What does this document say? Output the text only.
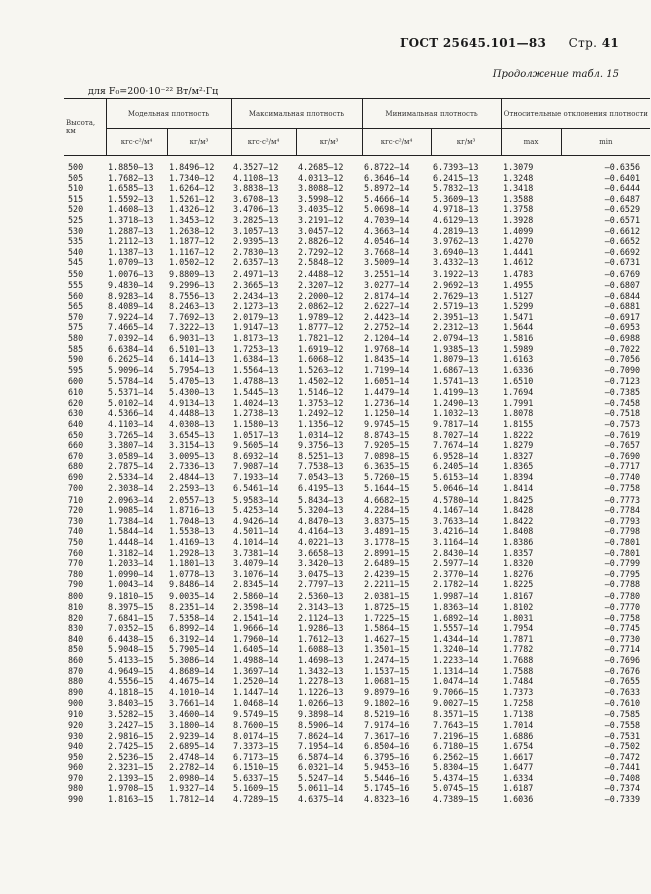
ГОСТ 25645.101—83 Стр. 41
Продолжение табл. 15
для F₀=200·10⁻²² Вт/м²·Гц
Высота, км	Модельная плотность		Максимальная плотность		Минимальная плотность		Относительные отклонения плотности	
	кгс·с²/м⁴	кг/м³	кгс·с²/м⁴	кг/м³	кгс·с²/м⁴	кг/м³	max	min

500	1.8850—13	1.8496—12	4.3527—12	4.2685—12	6.8722—14	6.7393—13	1.3079	—0.6356
505	1.7682—13	1.7340—12	4.1108—13	4.0313—12	6.3646—14	6.2415—13	1.3248	—0.6401
510	1.6585—13	1.6264—12	3.8838—13	3.8088—12	5.8972—14	5.7832—13	1.3418	—0.6444
515	1.5592—13	1.5261—12	3.6708—13	3.5998—12	5.4666—14	5.3609—13	1.3588	—0.6487
520	1.4608—13	1.4326—12	3.4706—13	3.4035—12	5.0698—14	4.9718—13	1.3758	—0.6529
525	1.3718—13	1.3453—12	3.2825—13	3.2191—12	4.7039—14	4.6129—13	1.3928	—0.6571
530	1.2887—13	1.2638—12	3.1057—13	3.0457—12	4.3663—14	4.2819—13	1.4099	—0.6612
535	1.2112—13	1.1877—12	2.9395—13	2.8826—12	4.0546—14	3.9762—13	1.4270	—0.6652
540	1.1387—13	1.1167—12	2.7830—13	2.7292—12	3.7668—14	3.6940—13	1.4441	—0.6692
545	1.0709—13	1.0502—12	2.6357—13	2.5848—12	3.5009—14	3.4332—13	1.4612	—0.6731
550	1.0076—13	9.8809—13	2.4971—13	2.4488—12	3.2551—14	3.1922—13	1.4783	—0.6769
555	9.4830—14	9.2996—13	2.3665—13	2.3207—12	3.0277—14	2.9692—13	1.4955	—0.6807
560	8.9283—14	8.7556—13	2.2434—13	2.2000—12	2.8174—14	2.7629—13	1.5127	—0.6844
565	8.4089—14	8.2463—13	2.1273—13	2.0862—12	2.6227—14	2.5719—13	1.5299	—0.6881
570	7.9224—14	7.7692—13	2.0179—13	1.9789—12	2.4423—14	2.3951—13	1.5471	—0.6917
575	7.4665—14	7.3222—13	1.9147—13	1.8777—12	2.2752—14	2.2312—13	1.5644	—0.6953
580	7.0392—14	6.9031—13	1.8173—13	1.7821—12	2.1204—14	2.0794—13	1.5816	—0.6988
585	6.6384—14	6.5101—13	1.7253—13	1.6919—12	1.9768—14	1.9385—13	1.5989	—0.7022
590	6.2625—14	6.1414—13	1.6384—13	1.6068—12	1.8435—14	1.8079—13	1.6163	—0.7056
595	5.9096—14	5.7954—13	1.5564—13	1.5263—12	1.7199—14	1.6867—13	1.6336	—0.7090
600	5.5784—14	5.4705—13	1.4788—13	1.4502—12	1.6051—14	1.5741—13	1.6510	—0.7123
610	5.5371—14	5.4300—13	1.5445—13	1.5146—12	1.4479—14	1.4199—13	1.7694	—0.7385
620	5.0102—14	4.9134—13	1.4024—13	1.3753—12	1.2736—14	1.2490—13	1.7991	—0.7458
630	4.5366—14	4.4488—13	1.2738—13	1.2492—12	1.1250—14	1.1032—13	1.8078	—0.7518
640	4.1103—14	4.0308—13	1.1580—13	1.1356—12	9.9745—15	9.7817—14	1.8155	—0.7573
650	3.7265—14	3.6545—13	1.0517—13	1.0314—12	8.8743—15	8.7027—14	1.8222	—0.7619
660	3.3807—14	3.3154—13	9.5605—14	9.3756—13	7.9205—15	7.7674—14	1.8279	—0.7657
670	3.0589—14	3.0095—13	8.6932—14	8.5251—13	7.0898—15	6.9528—14	1.8327	—0.7690
680	2.7875—14	2.7336—13	7.9087—14	7.7538—13	6.3635—15	6.2405—14	1.8365	—0.7717
690	2.5334—14	2.4844—13	7.1933—14	7.0543—13	5.7260—15	5.6153—14	1.8394	—0.7740
700	2.3038—14	2.2593—13	6.5461—14	6.4195—13	5.1644—15	5.0646—14	1.8414	—0.7758
710	2.0963—14	2.0557—13	5.9583—14	5.8434—13	4.6682—15	4.5780—14	1.8425	—0.7773
720	1.9085—14	1.8716—13	5.4253—14	5.3204—13	4.2284—15	4.1467—14	1.8428	—0.7784
730	1.7384—14	1.7048—13	4.9426—14	4.8470—13	3.8375—15	3.7633—14	1.8422	—0.7793
740	1.5844—14	1.5538—13	4.5011—14	4.4164—13	3.4891—15	3.4216—14	1.8408	—0.7798
750	1.4448—14	1.4169—13	4.1014—14	4.0221—13	3.1778—15	3.1164—14	1.8386	—0.7801
760	1.3182—14	1.2928—13	3.7381—14	3.6658—13	2.8991—15	2.8430—14	1.8357	—0.7801
770	1.2033—14	1.1801—13	3.4079—14	3.3420—13	2.6489—15	2.5977—14	1.8320	—0.7799
780	1.0990—14	1.0778—13	3.1076—14	3.0475—13	2.4239—15	2.3770—14	1.8276	—0.7795
790	1.0043—14	9.8486—14	2.8345—14	2.7797—13	2.2211—15	2.1782—14	1.8225	—0.7788
800	9.1810—15	9.0035—14	2.5860—14	2.5360—13	2.0381—15	1.9987—14	1.8167	—0.7780
810	8.3975—15	8.2351—14	2.3598—14	2.3143—13	1.8725—15	1.8363—14	1.8102	—0.7770
820	7.6841—15	7.5358—14	2.1541—14	2.1124—13	1.7225—15	1.6892—14	1.8031	—0.7758
830	7.0352—15	6.8992—14	1.9666—14	1.9286—13	1.5864—15	1.5557—14	1.7954	—0.7745
840	6.4438—15	6.3192—14	1.7960—14	1.7612—13	1.4627—15	1.4344—14	1.7871	—0.7730
850	5.9048—15	5.7905—14	1.6405—14	1.6088—13	1.3501—15	1.3240—14	1.7782	—0.7714
860	5.4133—15	5.3086—14	1.4988—14	1.4698—13	1.2474—15	1.2233—14	1.7688	—0.7696
870	4.9649—15	4.8689—14	1.3697—14	1.3432—13	1.1537—15	1.1314—14	1.7588	—0.7676
880	4.5556—15	4.4675—14	1.2520—14	1.2278—13	1.0681—15	1.0474—14	1.7484	—0.7655
890	4.1818—15	4.1010—14	1.1447—14	1.1226—13	9.8979—16	9.7066—15	1.7373	—0.7633
900	3.8403—15	3.7661—14	1.0468—14	1.0266—13	9.1802—16	9.0027—15	1.7258	—0.7610
910	3.5282—15	3.4600—14	9.5749—15	9.3898—14	8.5219—16	8.3571—15	1.7138	—0.7585
920	3.2427—15	3.1800—14	8.7600—15	8.5906—14	7.9174—16	7.7643—15	1.7014	—0.7558
930	2.9816—15	2.9239—14	8.0174—15	7.8624—14	7.3617—16	7.2196—15	1.6886	—0.7531
940	2.7425—15	2.6895—14	7.3373—15	7.1954—14	6.8504—16	6.7180—15	1.6754	—0.7502
950	2.5236—15	2.4748—14	6.7173—15	6.5874—14	6.3795—16	6.2562—15	1.6617	—0.7472
960	2.3231—15	2.2782—14	6.1510—15	6.0321—14	5.9453—16	5.8304—15	1.6477	—0.7441
970	2.1393—15	2.0980—14	5.6337—15	5.5247—14	5.5446—16	5.4374—15	1.6334	—0.7408
980	1.9708—15	1.9327—14	5.1609—15	5.0611—14	5.1745—16	5.0745—15	1.6187	—0.7374
990	1.8163—15	1.7812—14	4.7289—15	4.6375—14	4.8323—16	4.7389—15	1.6036	—0.7339
